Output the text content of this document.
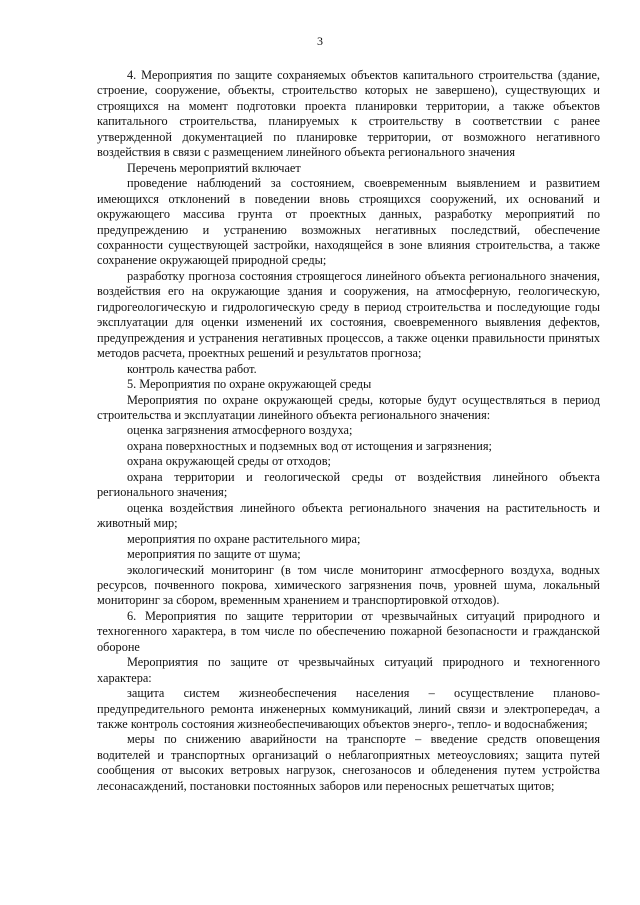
3

4. Мероприятия по защите сохраняемых объектов капитального строительства (здание, строение, сооружение, объекты, строительство которых не завершено), существующих и строящихся на момент подготовки проекта планировки территории, а также объектов капитального строительства, планируемых к строительству в соответствии с ранее утвержденной документацией по планировке территории, от возможного негативного воздействия в связи с размещением линейного объекта регионального значения

Перечень мероприятий включает

проведение наблюдений за состоянием, своевременным выявлением и развитием имеющихся отклонений в поведении вновь строящихся сооружений, их оснований и окружающего массива грунта от проектных данных, разработку мероприятий по предупреждению и устранению возможных негативных последствий, обеспечение сохранности существующей застройки, находящейся в зоне влияния строительства, а также сохранение окружающей природной среды;

разработку прогноза состояния строящегося линейного объекта регионального значения, воздействия его на окружающие здания и сооружения, на атмосферную, геологическую, гидрогеологическую и гидрологическую среду в период строительства и последующие годы эксплуатации для оценки изменений их состояния, своевременного выявления дефектов, предупреждения и устранения негативных процессов, а также оценки правильности принятых методов расчета, проектных решений и результатов прогноза;

контроль качества работ.

5. Мероприятия по охране окружающей среды

Мероприятия по охране окружающей среды, которые будут осуществляться в период строительства и эксплуатации линейного объекта регионального значения:

оценка загрязнения атмосферного воздуха;

охрана поверхностных и подземных вод от истощения и загрязнения;

охрана окружающей среды от отходов;

охрана территории и геологической среды от воздействия линейного объекта регионального значения;

оценка воздействия линейного объекта регионального значения на растительность и животный мир;

мероприятия по охране растительного мира;

мероприятия по защите от шума;

экологический мониторинг (в том числе мониторинг атмосферного воздуха, водных ресурсов, почвенного покрова, химического загрязнения почв, уровней шума, локальный мониторинг за сбором, временным хранением и транспортировкой отходов).

6. Мероприятия по защите территории от чрезвычайных ситуаций природного и техногенного характера, в том числе по обеспечению пожарной безопасности и гражданской обороне

Мероприятия по защите от чрезвычайных ситуаций природного и техногенного характера:

защита систем жизнеобеспечения населения – осуществление планово-предупредительного ремонта инженерных коммуникаций, линий связи и электропередач, а также контроль состояния жизнеобеспечивающих объектов энерго-, тепло- и водоснабжения;

меры по снижению аварийности на транспорте – введение средств оповещения водителей и транспортных организаций о неблагоприятных метеоусловиях; защита путей сообщения от высоких ветровых нагрузок, снегозаносов и обледенения путем устройства лесонасаждений, постановки постоянных заборов или переносных решетчатых щитов;
